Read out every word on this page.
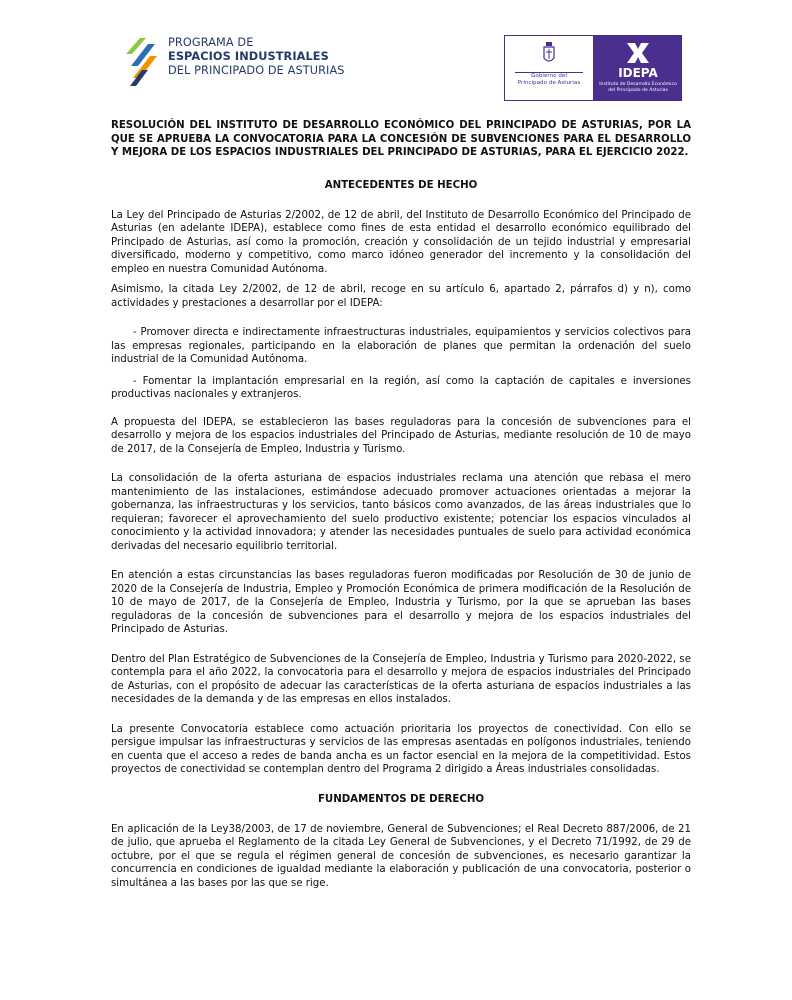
PROGRAMA DE
ESPACIOS INDUSTRIALES
DEL PRINCIPADO DE ASTURIAS	Gobierno del
Principado de Asturias
IDEPA
Instituto de Desarrollo Económico
del Principado de Asturias
RESOLUCIÓN DEL INSTITUTO DE DESARROLLO ECONÓMICO DEL PRINCIPADO DE ASTURIAS, POR LA QUE SE APRUEBA LA CONVOCATORIA PARA LA CONCESIÓN DE SUBVENCIONES PARA EL DESARROLLO Y MEJORA DE LOS ESPACIOS INDUSTRIALES DEL PRINCIPADO DE ASTURIAS, PARA EL EJERCICIO 2022.
ANTECEDENTES DE HECHO

La Ley del Principado de Asturias 2/2002, de 12 de abril, del Instituto de Desarrollo Económico del Principado de Asturias (en adelante IDEPA), establece como fines de esta entidad el desarrollo económico equilibrado del Principado de Asturias, así como la promoción, creación y consolidación de un tejido industrial y empresarial diversificado, moderno y competitivo, como marco idóneo generador del incremento y la consolidación del empleo en nuestra Comunidad Autónoma.

Asimismo, la citada Ley 2/2002, de 12 de abril, recoge en su artículo 6, apartado 2, párrafos d) y n), como actividades y prestaciones a desarrollar por el IDEPA:

- Promover directa e indirectamente infraestructuras industriales, equipamientos y servicios colectivos para las empresas regionales, participando en la elaboración de planes que permitan la ordenación del suelo industrial de la Comunidad Autónoma.

- Fomentar la implantación empresarial en la región, así como la captación de capitales e inversiones productivas nacionales y extranjeros.

A propuesta del IDEPA, se establecieron las bases reguladoras para la concesión de subvenciones para el desarrollo y mejora de los espacios industriales del Principado de Asturias, mediante resolución de 10 de mayo de 2017, de la Consejería de Empleo, Industria y Turismo.

La consolidación de la oferta asturiana de espacios industriales reclama una atención que rebasa el mero mantenimiento de las instalaciones, estimándose adecuado promover actuaciones orientadas a mejorar la gobernanza, las infraestructuras y los servicios, tanto básicos como avanzados, de las áreas industriales que lo requieran; favorecer el aprovechamiento del suelo productivo existente; potenciar los espacios vinculados al conocimiento y la actividad innovadora; y atender las necesidades puntuales de suelo para actividad económica derivadas del necesario equilibrio territorial.

En atención a estas circunstancias las bases reguladoras fueron modificadas por Resolución de 30 de junio de 2020 de la Consejería de Industria, Empleo y Promoción Económica de primera modificación de la Resolución de 10 de mayo de 2017, de la Consejería de Empleo, Industria y Turismo, por la que se aprueban las bases reguladoras de la concesión de subvenciones para el desarrollo y mejora de los espacios industriales del Principado de Asturias.

Dentro del Plan Estratégico de Subvenciones de la Consejería de Empleo, Industria y Turismo para 2020-2022, se contempla para el año 2022, la convocatoria para el desarrollo y mejora de espacios industriales del Principado de Asturias, con el propósito de adecuar las características de la oferta asturiana de espacios industriales a las necesidades de la demanda y de las empresas en ellos instalados.

La presente Convocatoria establece como actuación prioritaria los proyectos de conectividad. Con ello se persigue impulsar las infraestructuras y servicios de las empresas asentadas en polígonos industriales, teniendo en cuenta que el acceso a redes de banda ancha es un factor esencial en la mejora de la competitividad. Estos proyectos de conectividad se contemplan dentro del Programa 2 dirigido a Áreas industriales consolidadas.

FUNDAMENTOS DE DERECHO

En aplicación de la Ley38/2003, de 17 de noviembre, General de Subvenciones; el Real Decreto 887/2006, de 21 de julio, que aprueba el Reglamento de la citada Ley General de Subvenciones, y el Decreto 71/1992, de 29 de octubre, por el que se regula el régimen general de concesión de subvenciones, es necesario garantizar la concurrencia en condiciones de igualdad mediante la elaboración y publicación de una convocatoria, posterior o simultánea a las bases por las que se rige.
